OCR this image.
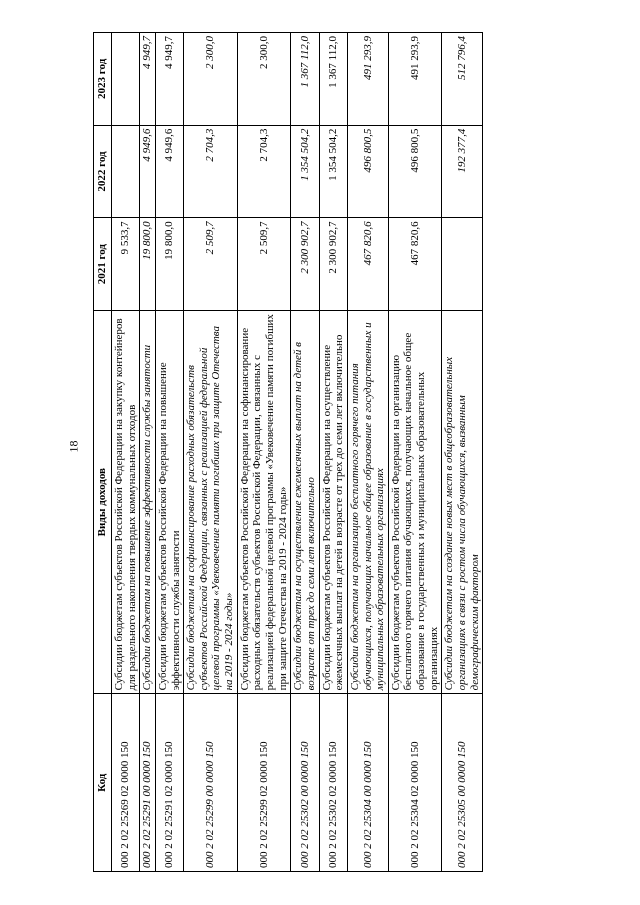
18
Код	Виды доходов	2021 год	2022 год	2023 год
000 2 02 25269 02 0000 150	Субсидии бюджетам субъектов Российской Федерации на закупку контейнеров для раздельного накопления твердых коммунальных отходов	9 533,7		
000 2 02 25291 00 0000 150	Субсидии бюджетам на повышение эффективности службы занятости	19 800,0	4 949,6	4 949,7
000 2 02 25291 02 0000 150	Субсидии бюджетам субъектов Российской Федерации на повышение эффективности службы занятости	19 800,0	4 949,6	4 949,7
000 2 02 25299 00 0000 150	Субсидии бюджетам на софинансирование расходных обязательств субъектов Российской Федерации, связанных с реализацией федеральной целевой программы «Увековечение памяти погибших при защите Отечества на 2019 - 2024 годы»	2 509,7	2 704,3	2 300,0
000 2 02 25299 02 0000 150	Субсидии бюджетам субъектов Российской Федерации на софинансирование расходных обязательств субъектов Российской Федерации, связанных с реализацией федеральной целевой программы «Увековечение памяти погибших при защите Отечества на 2019 - 2024 годы»	2 509,7	2 704,3	2 300,0
000 2 02 25302 00 0000 150	Субсидии бюджетам на осуществление ежемесячных выплат на детей в возрасте от трех до семи лет включительно	2 300 902,7	1 354 504,2	1 367 112,0
000 2 02 25302 02 0000 150	Субсидии бюджетам субъектов Российской Федерации на осуществление ежемесячных выплат на детей в возрасте от трех до семи лет включительно	2 300 902,7	1 354 504,2	1 367 112,0
000 2 02 25304 00 0000 150	Субсидии бюджетам на организацию бесплатного горячего питания обучающихся, получающих начальное общее образование в государственных и муниципальных образовательных организациях	467 820,6	496 800,5	491 293,9
000 2 02 25304 02 0000 150	Субсидии бюджетам субъектов Российской Федерации на организацию бесплатного горячего питания обучающихся, получающих начальное общее образование в государственных и муниципальных образовательных организациях	467 820,6	496 800,5	491 293,9
000 2 02 25305 00 0000 150	Субсидии бюджетам на создание новых мест в общеобразовательных организациях в связи с ростом числа обучающихся, вызванным демографическим фактором		192 377,4	512 796,4
